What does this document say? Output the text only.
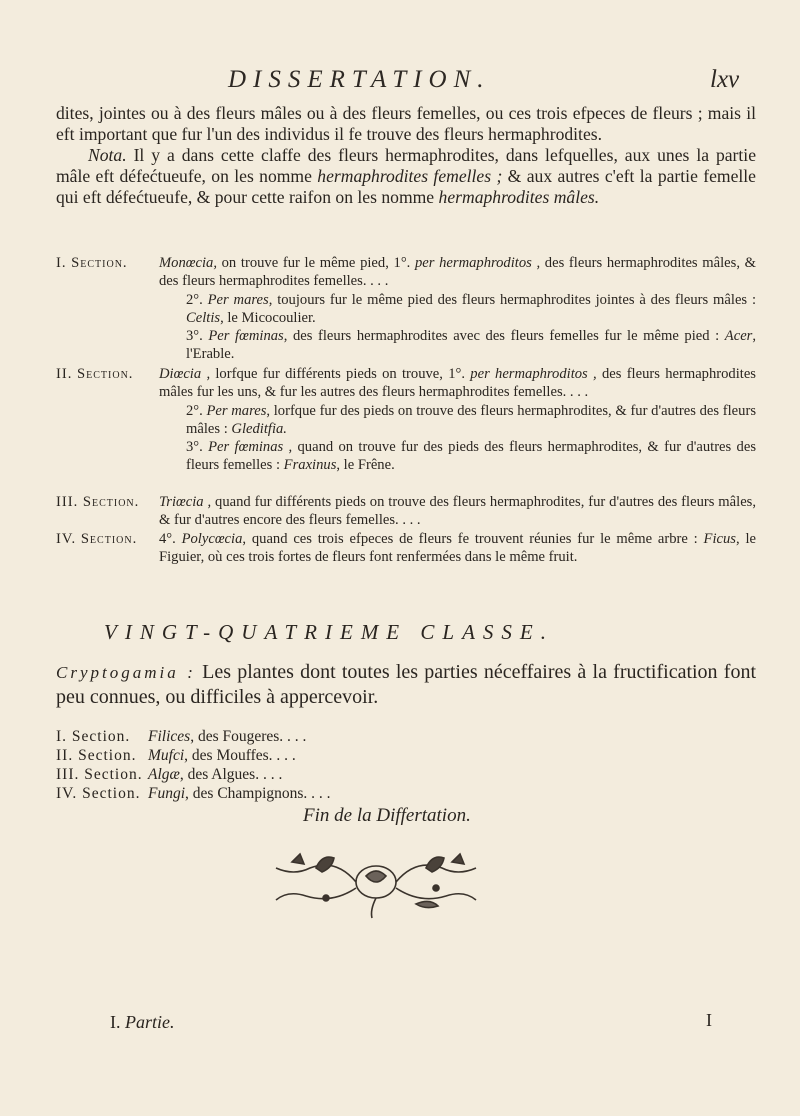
DISSERTATION.	lxv

dites, jointes ou à des fleurs mâles ou à des fleurs femelles, ou ces trois efpeces de fleurs ; mais il eft important que fur l'un des individus il fe trouve des fleurs hermaphrodites.

Nota. Il y a dans cette claffe des fleurs hermaphrodites, dans lefquelles, aux unes la partie mâle eft défećtueufe, on les nomme hermaphrodites femelles ; & aux autres c'eft la partie femelle qui eft défećtueufe, & pour cette raifon on les nomme hermaphrodites mâles.

I. Section.	Monœcia, on trouve fur le même pied, 1°. per hermaphroditos , des fleurs hermaphrodites mâles, & des fleurs hermaphrodites femelles. . . .
2°. Per mares, toujours fur le même pied des fleurs hermaphrodites jointes à des fleurs mâles : Celtis, le Micocoulier.
3°. Per fœminas, des fleurs hermaphrodites avec des fleurs femelles fur le même pied : Acer, l'Erable.
II. Section.	Diœcia , lorfque fur différents pieds on trouve, 1°. per hermaphroditos , des fleurs hermaphrodites mâles fur les uns, & fur les autres des fleurs hermaphrodites femelles. . . .
2°. Per mares, lorfque fur des pieds on trouve des fleurs hermaphrodites, & fur d'autres des fleurs mâles : Gleditfia.
3°. Per fœminas , quand on trouve fur des pieds des fleurs hermaphrodites, & fur d'autres des fleurs femelles : Fraxinus, le Frêne.
III. Section.	Triœcia , quand fur différents pieds on trouve des fleurs hermaphrodites, fur d'autres des fleurs mâles, & fur d'autres encore des fleurs femelles. . . .
IV. Section.	4°. Polycœcia, quand ces trois efpeces de fleurs fe trouvent réunies fur le même arbre : Ficus, le Figuier, où ces trois fortes de fleurs font renfermées dans le même fruit.
VINGT-QUATRIEME CLASSE.
Cryptogamia : Les plantes dont toutes les parties néceffaires à la fructification font peu connues, ou difficiles à appercevoir.
I. Section.	Filices, des Fougeres. . . .
II. Section. Mufci, des Mouffes. . . .
III. Section. Algæ, des Algues. . . .
IV. Section. Fungi, des Champignons. . . .
Fin de la Differtation.
I. Partie.	I
